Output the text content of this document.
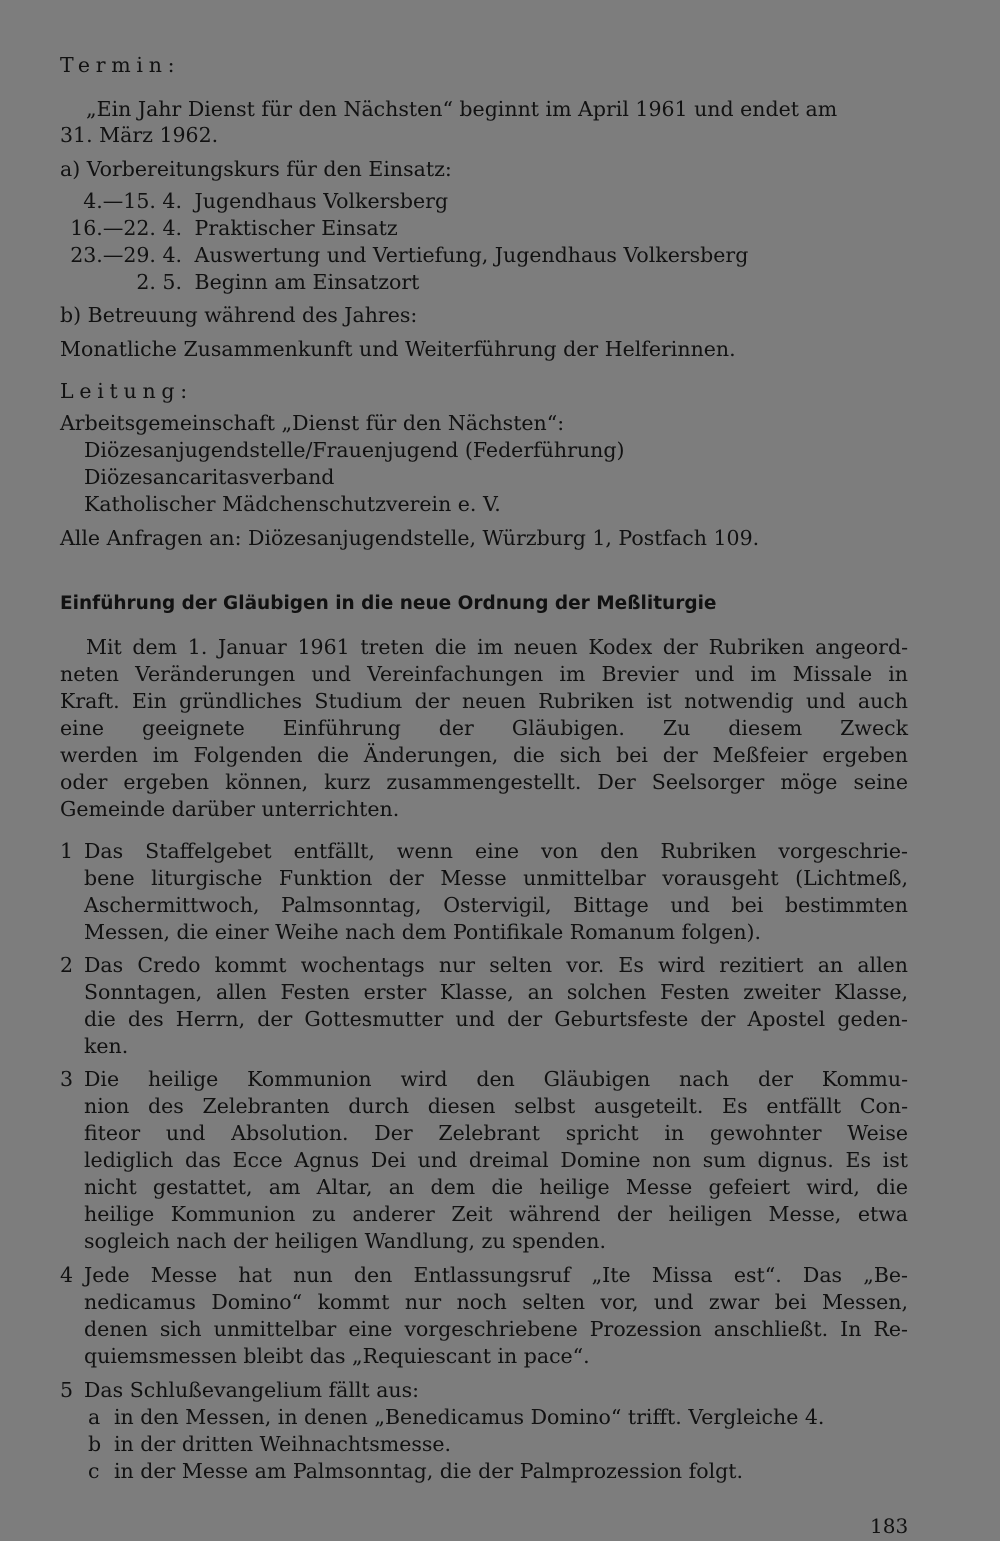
Termin:
„Ein Jahr Dienst für den Nächsten“ beginnt im April 1961 und endet am
31. März 1962.
a) Vorbereitungskurs für den Einsatz:
4.—15. 4. Jugendhaus Volkersberg
16.—22. 4. Praktischer Einsatz
23.—29. 4. Auswertung und Vertiefung, Jugendhaus Volkersberg
2. 5. Beginn am Einsatzort
b) Betreuung während des Jahres:
Monatliche Zusammenkunft und Weiterführung der Helferinnen.
Leitung:
Arbeitsgemeinschaft „Dienst für den Nächsten“:
Diözesanjugendstelle/Frauenjugend (Federführung)
Diözesancaritasverband
Katholischer Mädchenschutzverein e. V.
Alle Anfragen an: Diözesanjugendstelle, Würzburg 1, Postfach 109.
Einführung der Gläubigen in die neue Ordnung der Meßliturgie
Mit dem 1. Januar 1961 treten die im neuen Kodex der Rubriken angeord-
neten Veränderungen und Vereinfachungen im Brevier und im Missale in
Kraft. Ein gründliches Studium der neuen Rubriken ist notwendig und auch
eine geeignete Einführung der Gläubigen. Zu diesem Zweck
werden im Folgenden die Änderungen, die sich bei der Meßfeier ergeben
oder ergeben können, kurz zusammengestellt. Der Seelsorger möge seine
Gemeinde darüber unterrichten.
1 Das Staffelgebet entfällt, wenn eine von den Rubriken vorgeschrie-
bene liturgische Funktion der Messe unmittelbar vorausgeht (Lichtmeß,
Aschermittwoch, Palmsonntag, Ostervigil, Bittage und bei bestimmten
Messen, die einer Weihe nach dem Pontifikale Romanum folgen).
2 Das Credo kommt wochentags nur selten vor. Es wird rezitiert an allen
Sonntagen, allen Festen erster Klasse, an solchen Festen zweiter Klasse,
die des Herrn, der Gottesmutter und der Geburtsfeste der Apostel geden-
ken.
3 Die heilige Kommunion wird den Gläubigen nach der Kommu-
nion des Zelebranten durch diesen selbst ausgeteilt. Es entfällt Con-
fiteor und Absolution. Der Zelebrant spricht in gewohnter Weise
lediglich das Ecce Agnus Dei und dreimal Domine non sum dignus. Es ist
nicht gestattet, am Altar, an dem die heilige Messe gefeiert wird, die
heilige Kommunion zu anderer Zeit während der heiligen Messe, etwa
sogleich nach der heiligen Wandlung, zu spenden.
4 Jede Messe hat nun den Entlassungsruf „Ite Missa est“. Das „Be-
nedicamus Domino“ kommt nur noch selten vor, und zwar bei Messen,
denen sich unmittelbar eine vorgeschriebene Prozession anschließt. In Re-
quiemsmessen bleibt das „Requiescant in pace“.
5 Das Schlußevangelium fällt aus:
a in den Messen, in denen „Benedicamus Domino“ trifft. Vergleiche 4.
b in der dritten Weihnachtsmesse.
c in der Messe am Palmsonntag, die der Palmprozession folgt.
183
